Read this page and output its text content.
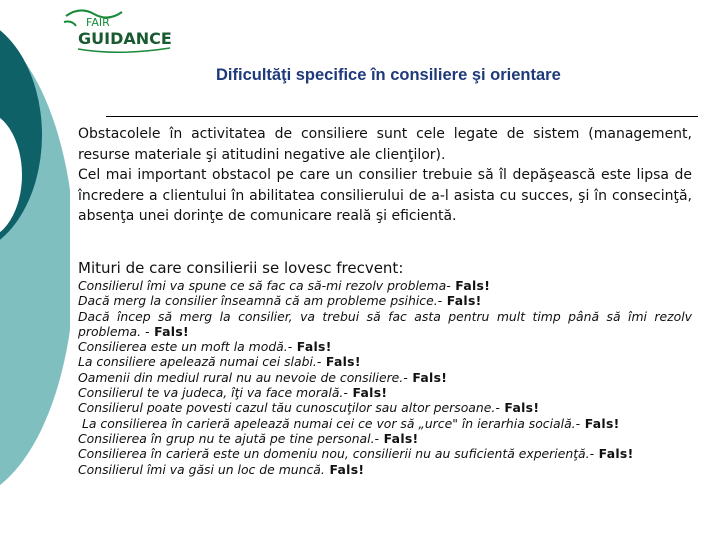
FAIR
GUIDANCE
Dificultăţi specifice în consiliere şi orientare

Obstacolele în activitatea de consiliere sunt cele legate de sistem (management, resurse materiale şi atitudini negative ale clienţilor).

Cel mai important obstacol pe care un consilier trebuie să îl depăşească este lipsa de încredere a clientului în abilitatea consilierului de a-l asista cu succes, şi în consecinţă, absenţa unei dorinţe de comunicare reală şi eficientă.

Mituri de care consilierii se lovesc frecvent:
Consilierul îmi va spune ce să fac ca să-mi rezolv problema- Fals!
Dacă merg la consilier înseamnă că am probleme psihice.- Fals!
Dacă încep să merg la consilier, va trebui să fac asta pentru mult timp până să îmi rezolv problema. - Fals!
Consilierea este un moft la modă.- Fals!
La consiliere apelează numai cei slabi.- Fals!
Oamenii din mediul rural nu au nevoie de consiliere.- Fals!
Consilierul te va judeca, îţi va face morală.- Fals!
Consilierul poate povesti cazul tău cunoscuţilor sau altor persoane.- Fals!
La consilierea în carieră apelează numai cei ce vor să „urce" în ierarhia socială.- Fals!
Consilierea în grup nu te ajută pe tine personal.- Fals!
Consilierea în carieră este un domeniu nou, consilierii nu au suficientă experienţă.- Fals!
Consilierul îmi va găsi un loc de muncă. Fals!
